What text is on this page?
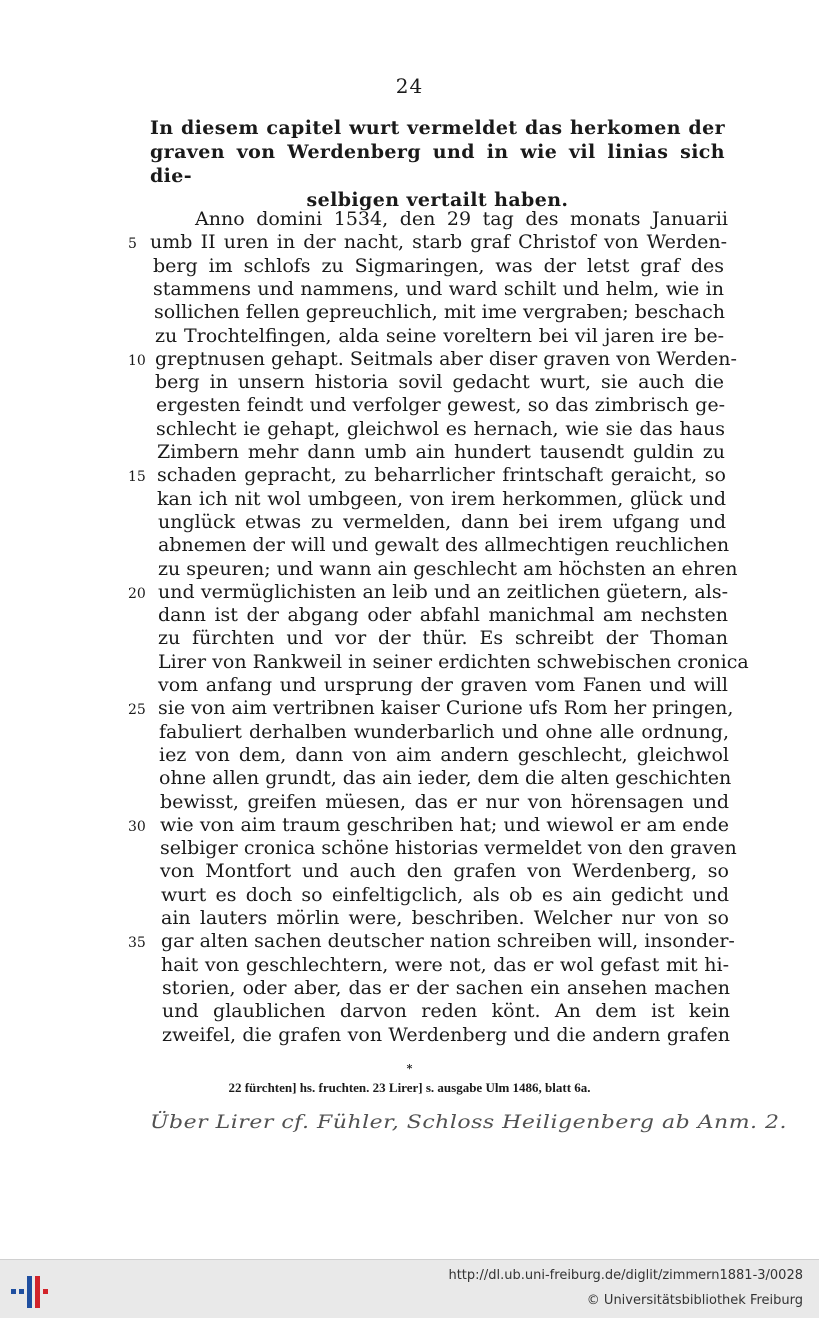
24
In diesem capitel wurt vermeldet das herkomen der
graven von Werdenberg und in wie vil linias sich die-
selbigen vertailt haben.
Anno domini 1534, den 29 tag des monats Januarii
umb II uren in der nacht, starb graf Christof von Werden-
5
berg im schlofs zu Sigmaringen, was der letst graf des
stammens und nammens, und ward schilt und helm, wie in
sollichen fellen gepreuchlich, mit ime vergraben; beschach
zu Trochtelfingen, alda seine voreltern bei vil jaren ire be-
greptnusen gehapt. Seitmals aber diser graven von Werden-
10
berg in unsern historia sovil gedacht wurt, sie auch die
ergesten feindt und verfolger gewest, so das zimbrisch ge-
schlecht ie gehapt, gleichwol es hernach, wie sie das haus
Zimbern mehr dann umb ain hundert tausendt guldin zu
schaden gepracht, zu beharrlicher frintschaft geraicht, so
15
kan ich nit wol umbgeen, von irem herkommen, glück und
unglück etwas zu vermelden, dann bei irem ufgang und
abnemen der will und gewalt des allmechtigen reuchlichen
zu speuren; und wann ain geschlecht am höchsten an ehren
und vermüglichisten an leib und an zeitlichen güetern, als-
20
dann ist der abgang oder abfahl manichmal am nechsten
zu fürchten und vor der thür. Es schreibt der Thoman
Lirer von Rankweil in seiner erdichten schwebischen cronica
vom anfang und ursprung der graven vom Fanen und will
sie von aim vertribnen kaiser Curione ufs Rom her pringen,
25
fabuliert derhalben wunderbarlich und ohne alle ordnung,
iez von dem, dann von aim andern geschlecht, gleichwol
ohne allen grundt, das ain ieder, dem die alten geschichten
bewisst, greifen müesen, das er nur von hörensagen und
wie von aim traum geschriben hat; und wiewol er am ende
30
selbiger cronica schöne historias vermeldet von den graven
von Montfort und auch den grafen von Werdenberg, so
wurt es doch so einfeltigclich, als ob es ain gedicht und
ain lauters mörlin were, beschriben. Welcher nur von so
gar alten sachen deutscher nation schreiben will, insonder-
35
hait von geschlechtern, were not, das er wol gefast mit hi-
storien, oder aber, das er der sachen ein ansehen machen
und glaublichen darvon reden könt. An dem ist kein
zweifel, die grafen von Werdenberg und die andern grafen
*
22 fürchten] hs. fruchten. 23 Lirer] s. ausgabe Ulm 1486, blatt 6a.
Über Lirer cf. Fühler, Schloss Heiligenberg ab Anm. 2.
http://dl.ub.uni-freiburg.de/diglit/zimmern1881-3/0028
© Universitätsbibliothek Freiburg
